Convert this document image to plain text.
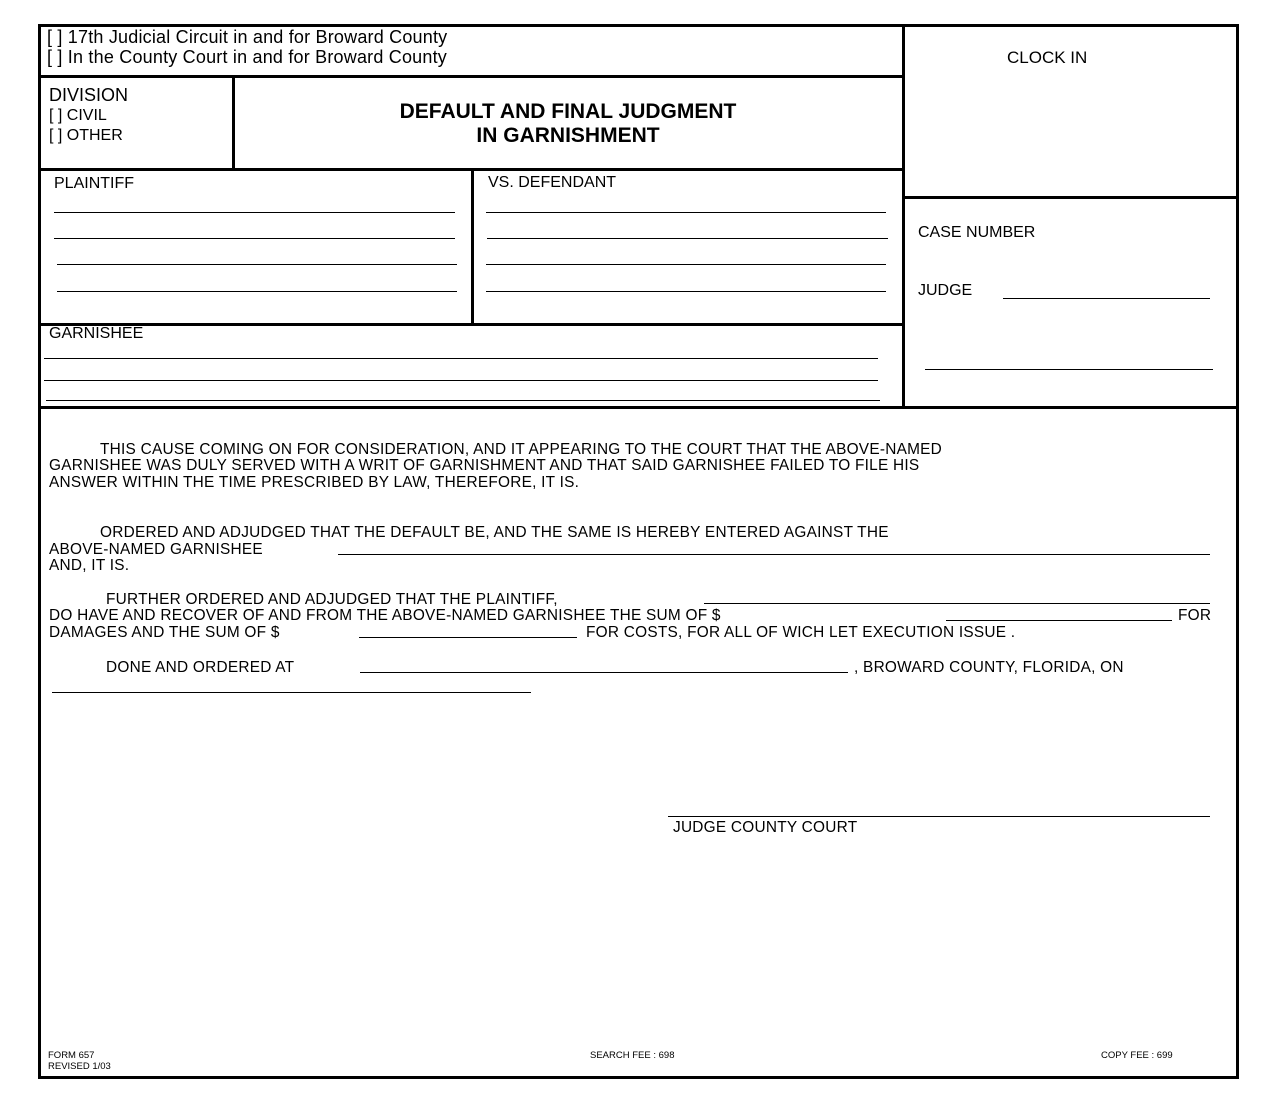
[ ] 17th Judicial Circuit in and for Broward County
[ ] In the County Court in and for Broward County	CLOCK IN
DIVISION
[ ] CIVIL
[ ] OTHER
DEFAULT AND FINAL JUDGMENT
IN GARNISHMENT
PLAINTIFF	VS. DEFENDANT
GARNISHEE
CASE NUMBER
JUDGE
THIS CAUSE COMING ON FOR CONSIDERATION, AND IT APPEARING TO THE COURT THAT THE ABOVE-NAMED
GARNISHEE WAS DULY SERVED WITH A WRIT OF GARNISHMENT AND THAT SAID GARNISHEE FAILED TO FILE HIS
ANSWER WITHIN THE TIME PRESCRIBED BY LAW, THEREFORE, IT IS.
ORDERED AND ADJUDGED THAT THE DEFAULT BE, AND THE SAME IS HEREBY ENTERED AGAINST THE
ABOVE-NAMED GARNISHEE
AND, IT IS.
FURTHER ORDERED AND ADJUDGED THAT THE PLAINTIFF,
DO HAVE AND RECOVER OF AND FROM THE ABOVE-NAMED GARNISHEE THE SUM OF $	FOR
DAMAGES AND THE SUM OF $	FOR COSTS, FOR ALL OF WICH LET EXECUTION ISSUE .
DONE AND ORDERED AT	, BROWARD COUNTY, FLORIDA, ON
JUDGE COUNTY COURT
FORM 657
REVISED 1/03
SEARCH FEE : 698	COPY FEE : 699
